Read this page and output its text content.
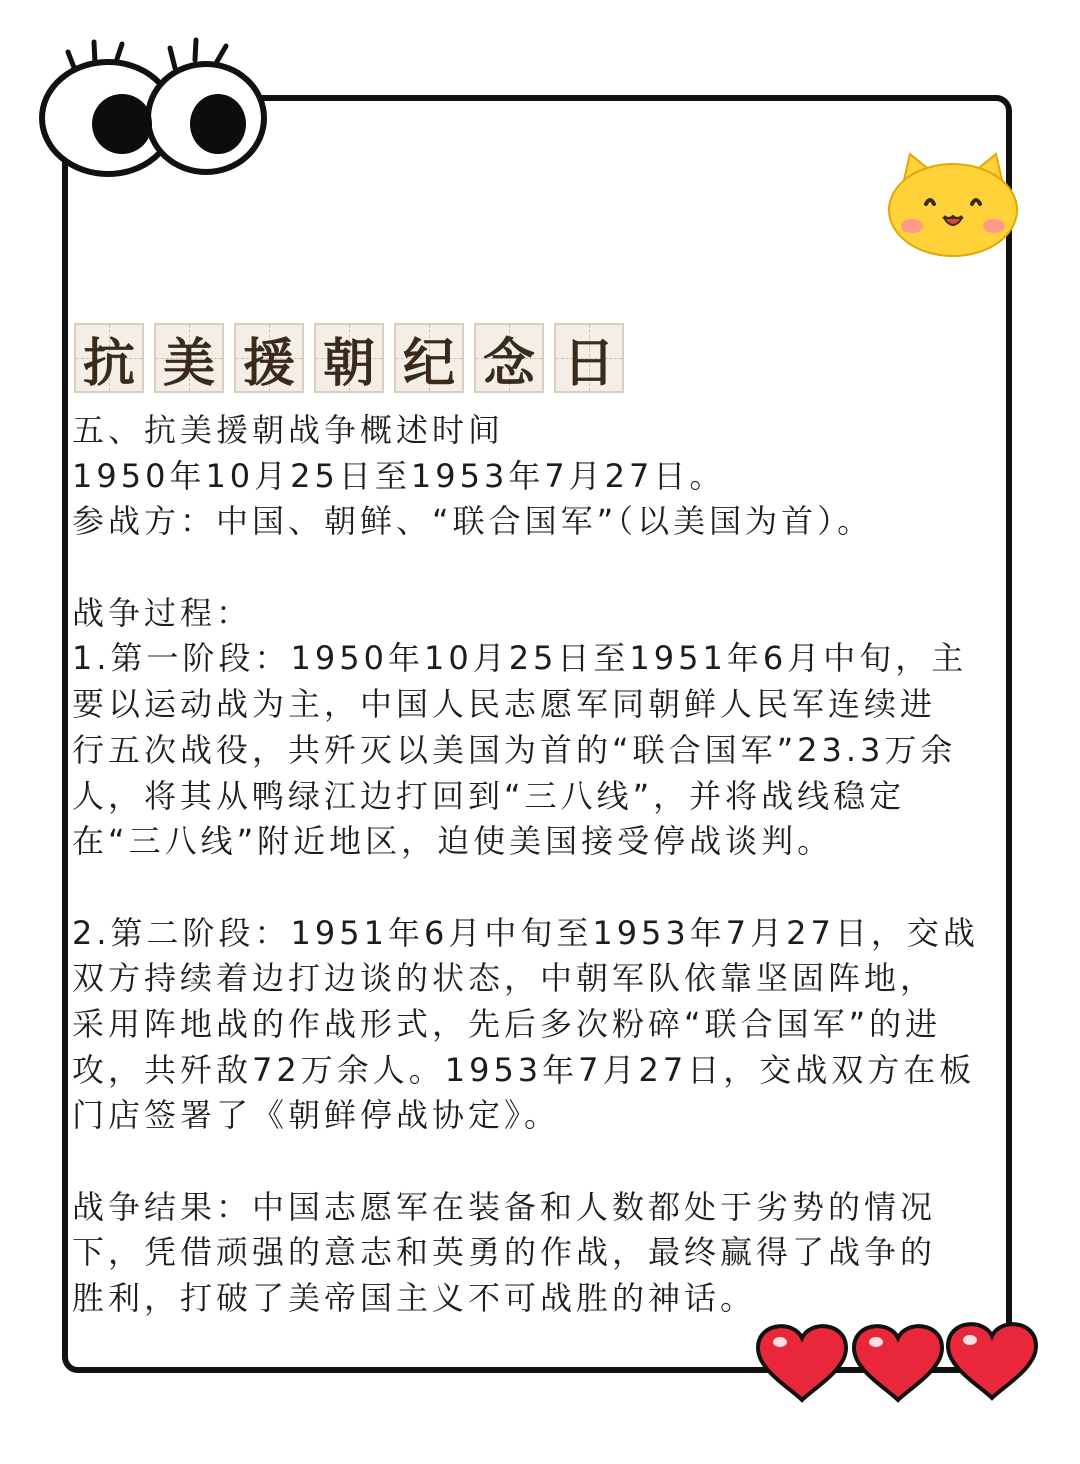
抗 美 援 朝 纪 念 日
五、抗美援朝战争概述时间
1950年10月25日至1953年7月27日。
参战方：中国、朝鲜、“联合国军”（以美国为首）。
战争过程：
1.第一阶段：1950年10月25日至1951年6月中旬，主
要以运动战为主，中国人民志愿军同朝鲜人民军连续进
行五次战役，共歼灭以美国为首的“联合国军”23.3万余
人，将其从鸭绿江边打回到“三八线”，并将战线稳定
在“三八线”附近地区，迫使美国接受停战谈判。
2.第二阶段：1951年6月中旬至1953年7月27日，交战
双方持续着边打边谈的状态，中朝军队依靠坚固阵地，
采用阵地战的作战形式，先后多次粉碎“联合国军”的进
攻，共歼敌72万余人。1953年7月27日，交战双方在板
门店签署了《朝鲜停战协定》。
战争结果：中国志愿军在装备和人数都处于劣势的情况
下，凭借顽强的意志和英勇的作战，最终赢得了战争的
胜利，打破了美帝国主义不可战胜的神话。
